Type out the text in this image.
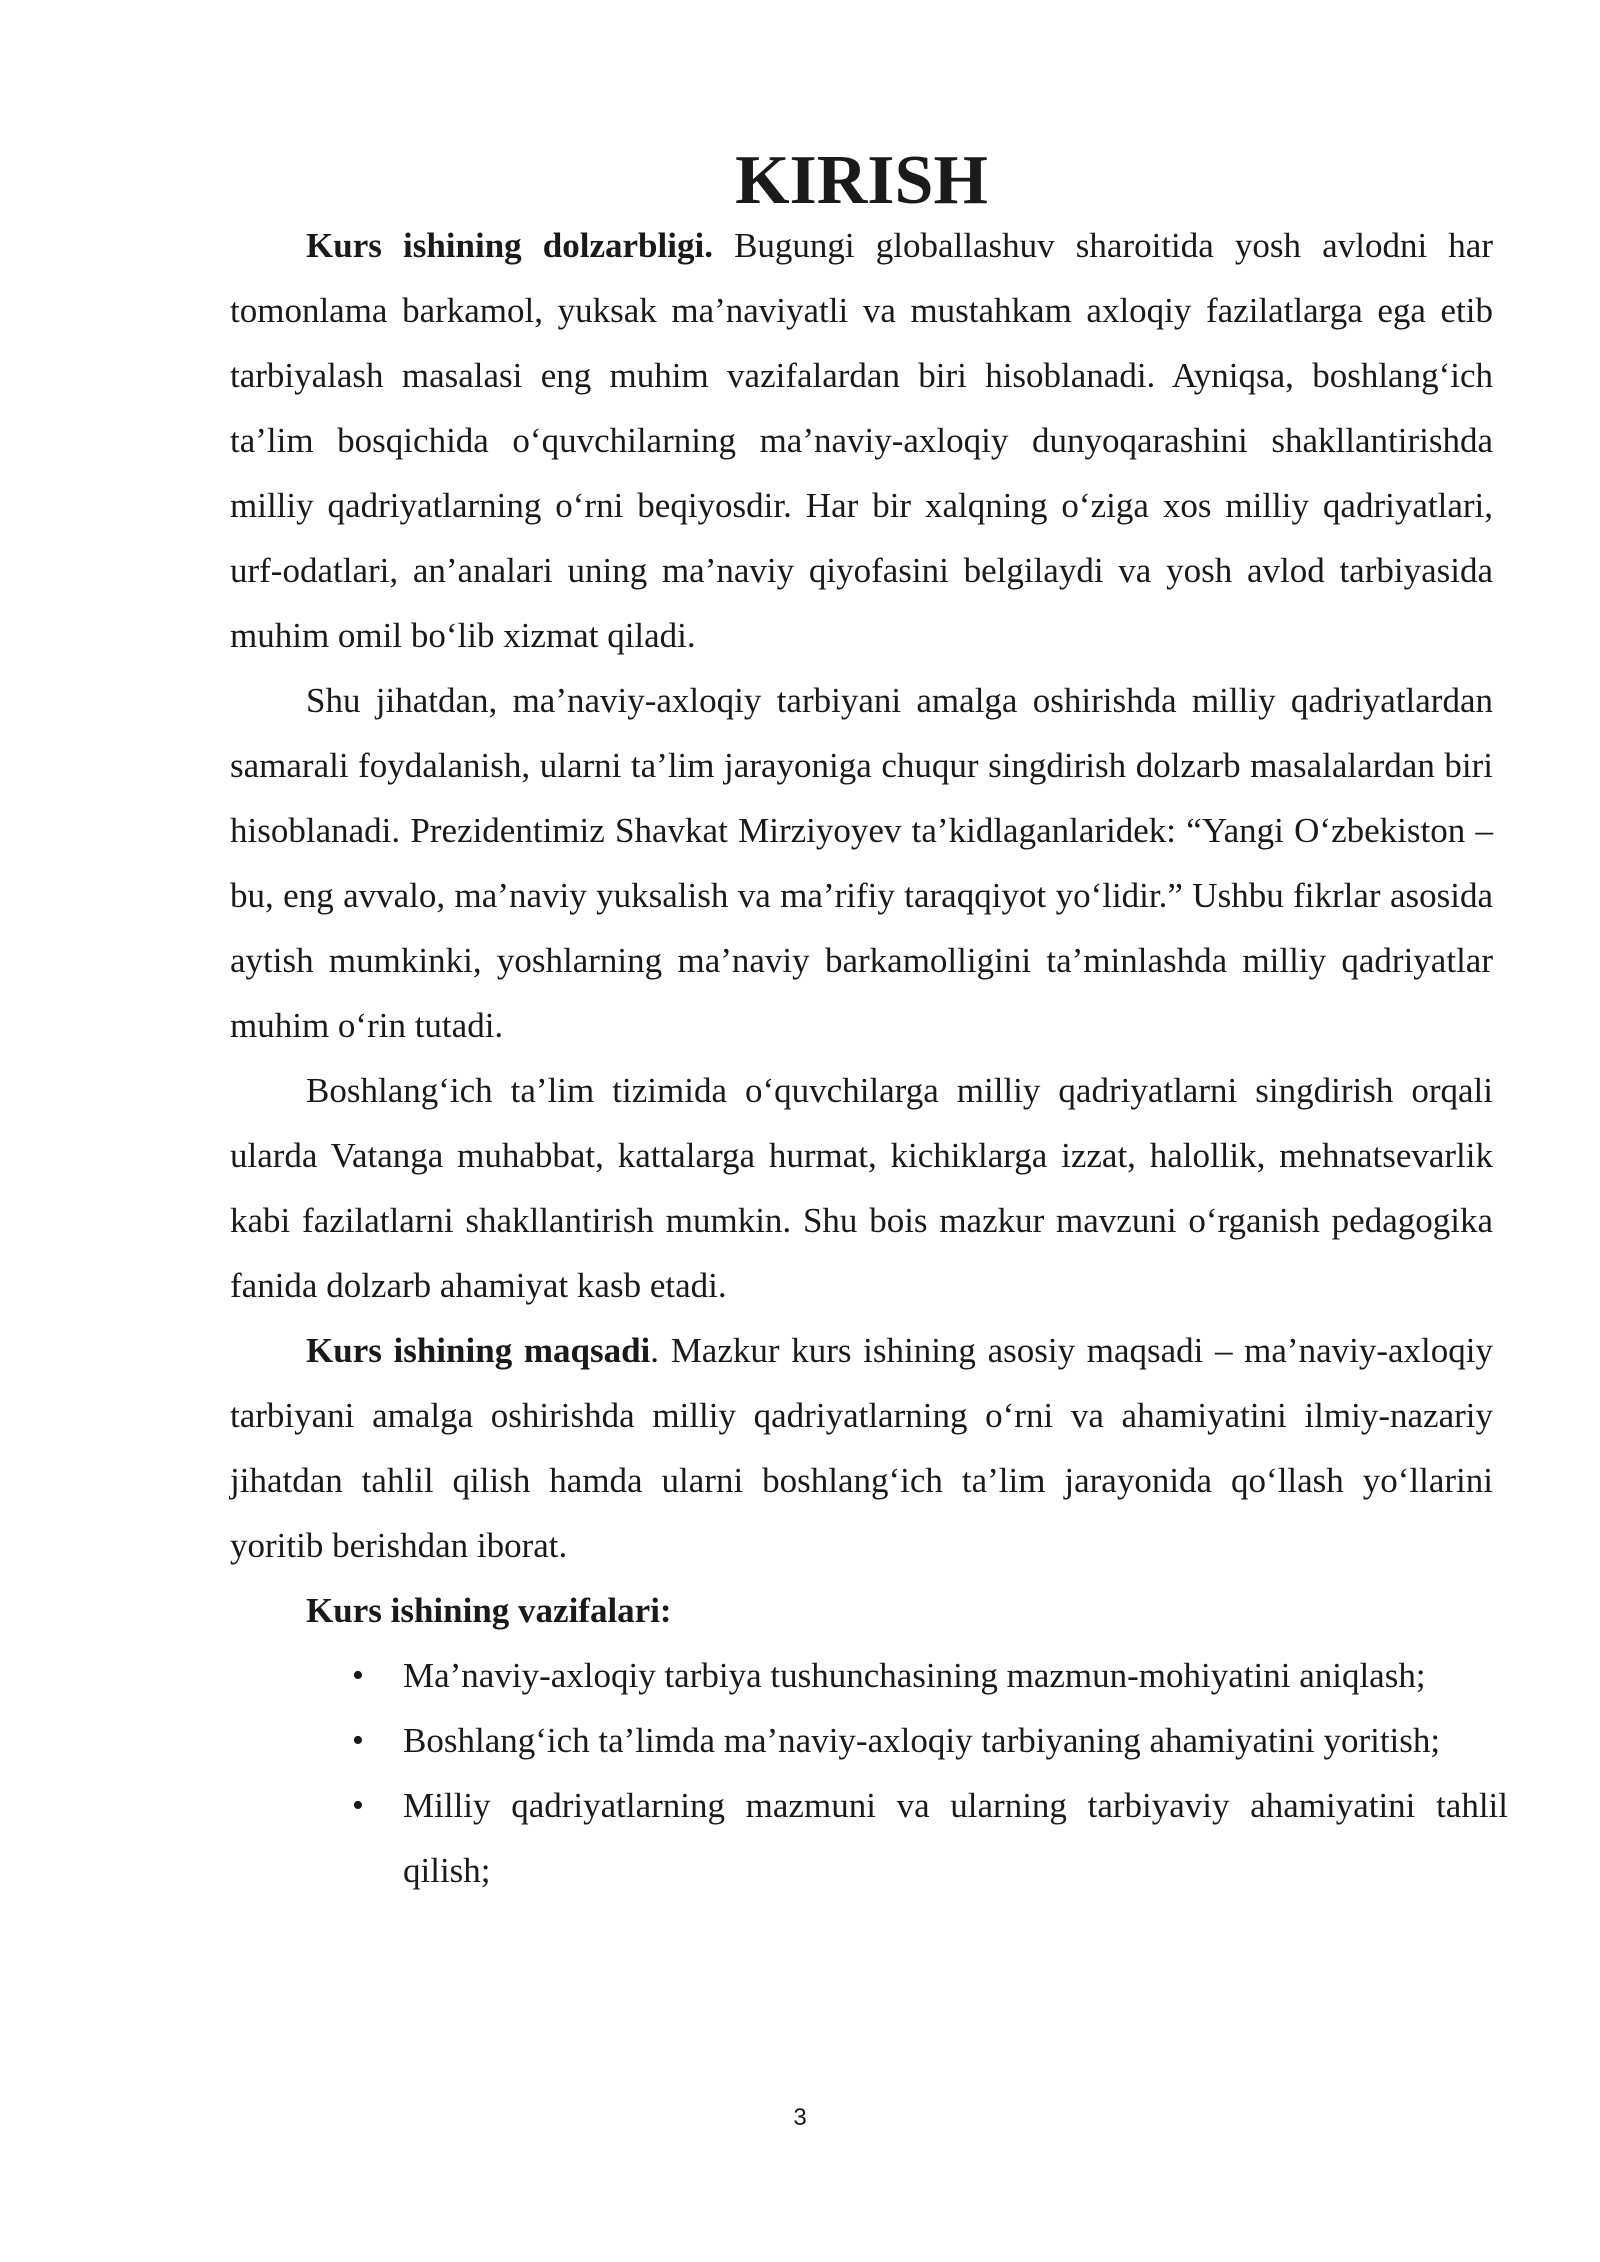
KIRISH

Kurs ishining dolzarbligi. Bugungi globallashuv sharoitida yosh avlodni har tomonlama barkamol, yuksak ma’naviyatli va mustahkam axloqiy fazilatlarga ega etib tarbiyalash masalasi eng muhim vazifalardan biri hisoblanadi. Ayniqsa, boshlang‘ich ta’lim bosqichida o‘quvchilarning ma’naviy-axloqiy dunyoqarashini shakllantirishda milliy qadriyatlarning o‘rni beqiyosdir. Har bir xalqning o‘ziga xos milliy qadriyatlari, urf-odatlari, an’analari uning ma’naviy qiyofasini belgilaydi va yosh avlod tarbiyasida muhim omil bo‘lib xizmat qiladi.

Shu jihatdan, ma’naviy-axloqiy tarbiyani amalga oshirishda milliy qadriyatlardan samarali foydalanish, ularni ta’lim jarayoniga chuqur singdirish dolzarb masalalardan biri hisoblanadi. Prezidentimiz Shavkat Mirziyoyev ta’kidlaganlaridek: “Yangi O‘zbekiston – bu, eng avvalo, ma’naviy yuksalish va ma’rifiy taraqqiyot yo‘lidir.” Ushbu fikrlar asosida aytish mumkinki, yoshlarning ma’naviy barkamolligini ta’minlashda milliy qadriyatlar muhim o‘rin tutadi.

Boshlang‘ich ta’lim tizimida o‘quvchilarga milliy qadriyatlarni singdirish orqali ularda Vatanga muhabbat, kattalarga hurmat, kichiklarga izzat, halollik, mehnatsevarlik kabi fazilatlarni shakllantirish mumkin. Shu bois mazkur mavzuni o‘rganish pedagogika fanida dolzarb ahamiyat kasb etadi.

Kurs ishining maqsadi. Mazkur kurs ishining asosiy maqsadi – ma’naviy-axloqiy tarbiyani amalga oshirishda milliy qadriyatlarning o‘rni va ahamiyatini ilmiy-nazariy jihatdan tahlil qilish hamda ularni boshlang‘ich ta’lim jarayonida qo‘llash yo‘llarini yoritib berishdan iborat.

Kurs ishining vazifalari:

• Ma’naviy-axloqiy tarbiya tushunchasining mazmun-mohiyatini aniqlash;
• Boshlang‘ich ta’limda ma’naviy-axloqiy tarbiyaning ahamiyatini yoritish;
• Milliy qadriyatlarning mazmuni va ularning tarbiyaviy ahamiyatini tahlil qilish;
3
